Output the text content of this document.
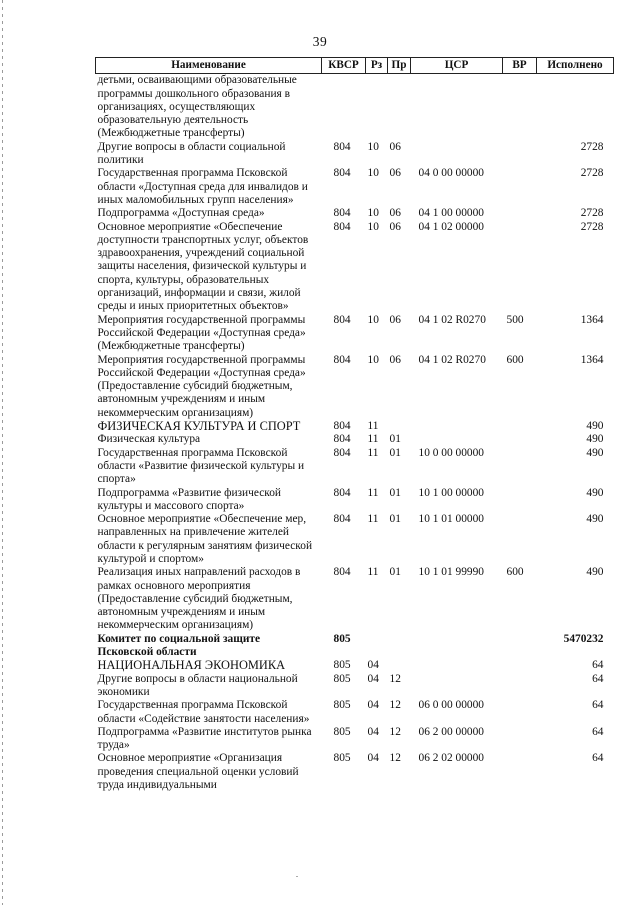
39
Наименование	КВСР	Рз	Пр	ЦСР	ВР	Исполнено
детьми, осваивающими образовательные программы дошкольного образования в организациях, осуществляющих образовательную деятельность (Межбюджетные трансферты)						
Другие вопросы в области социальной политики	804	10	06			2728
Государственная программа Псковской области «Доступная среда для инвалидов и иных маломобильных групп населения»	804	10	06	04 0 00 00000		2728
Подпрограмма «Доступная среда»	804	10	06	04 1 00 00000		2728
Основное мероприятие «Обеспечение доступности транспортных услуг, объектов здравоохранения, учреждений социальной защиты населения, физической культуры и спорта, культуры, образовательных организаций, информации и связи, жилой среды и иных приоритетных объектов»	804	10	06	04 1 02 00000		2728
Мероприятия государственной программы Российской Федерации «Доступная среда» (Межбюджетные трансферты)	804	10	06	04 1 02 R0270	500	1364
Мероприятия государственной программы Российской Федерации «Доступная среда» (Предоставление субсидий бюджетным, автономным учреждениям и иным некоммерческим организациям)	804	10	06	04 1 02 R0270	600	1364
ФИЗИЧЕСКАЯ КУЛЬТУРА И СПОРТ	804	11				490
Физическая культура	804	11	01			490
Государственная программа Псковской области «Развитие физической культуры и спорта»	804	11	01	10 0 00 00000		490
Подпрограмма «Развитие физической культуры и массового спорта»	804	11	01	10 1 00 00000		490
Основное мероприятие «Обеспечение мер, направленных на привлечение жителей области к регулярным занятиям физической культурой и спортом»	804	11	01	10 1 01 00000		490
Реализация иных направлений расходов в рамках основного мероприятия (Предоставление субсидий бюджетным, автономным учреждениям и иным некоммерческим организациям)	804	11	01	10 1 01 99990	600	490
Комитет по социальной защите Псковской области	805					5470232
НАЦИОНАЛЬНАЯ ЭКОНОМИКА	805	04				64
Другие вопросы в области национальной экономики	805	04	12			64
Государственная программа Псковской области «Содействие занятости населения»	805	04	12	06 0 00 00000		64
Подпрограмма «Развитие институтов рынка труда»	805	04	12	06 2 00 00000		64
Основное мероприятие «Организация проведения специальной оценки условий труда индивидуальными	805	04	12	06 2 02 00000		64
